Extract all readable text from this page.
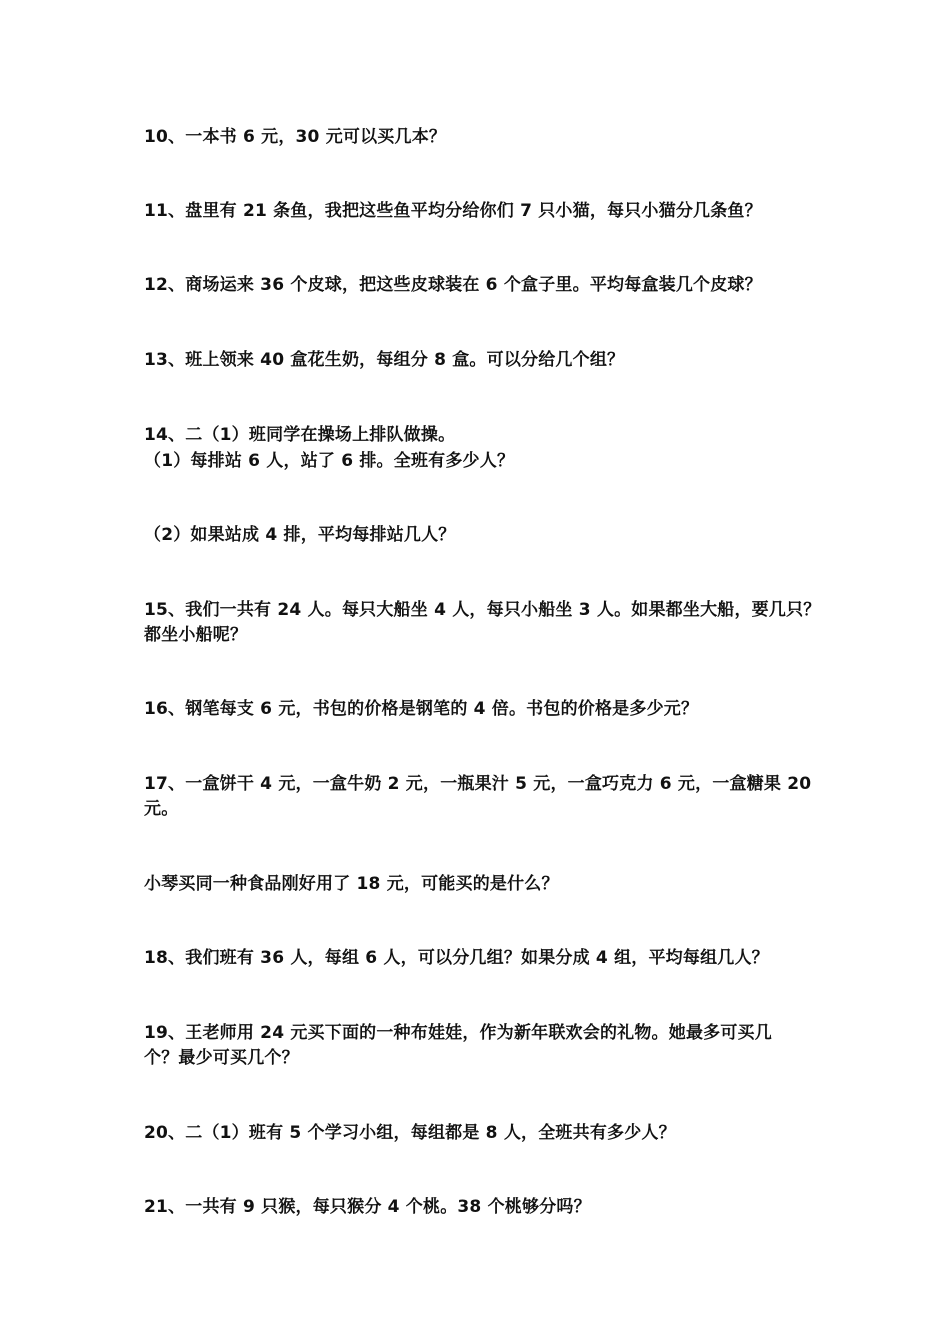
10、一本书 6 元，30 元可以买几本？
11、盘里有 21 条鱼，我把这些鱼平均分给你们 7 只小猫，每只小猫分几条鱼？
12、商场运来 36 个皮球，把这些皮球装在 6 个盒子里。平均每盒装几个皮球？
13、班上领来 40 盒花生奶，每组分 8 盒。可以分给几个组？
14、二（1）班同学在操场上排队做操。
（1）每排站 6 人，站了 6 排。全班有多少人？
（2）如果站成 4 排，平均每排站几人？
15、我们一共有 24 人。每只大船坐 4 人，每只小船坐 3 人。如果都坐大船，要几只？
都坐小船呢？
16、钢笔每支 6 元，书包的价格是钢笔的 4 倍。书包的价格是多少元？
17、一盒饼干 4 元，一盒牛奶 2 元，一瓶果汁 5 元，一盒巧克力 6 元，一盒糖果 20
元。
小琴买同一种食品刚好用了 18 元，可能买的是什么？
18、我们班有 36 人，每组 6 人，可以分几组？如果分成 4 组，平均每组几人？
19、王老师用 24 元买下面的一种布娃娃，作为新年联欢会的礼物。她最多可买几
个？最少可买几个？
20、二（1）班有 5 个学习小组，每组都是 8 人，全班共有多少人？
21、一共有 9 只猴，每只猴分 4 个桃。38 个桃够分吗？
